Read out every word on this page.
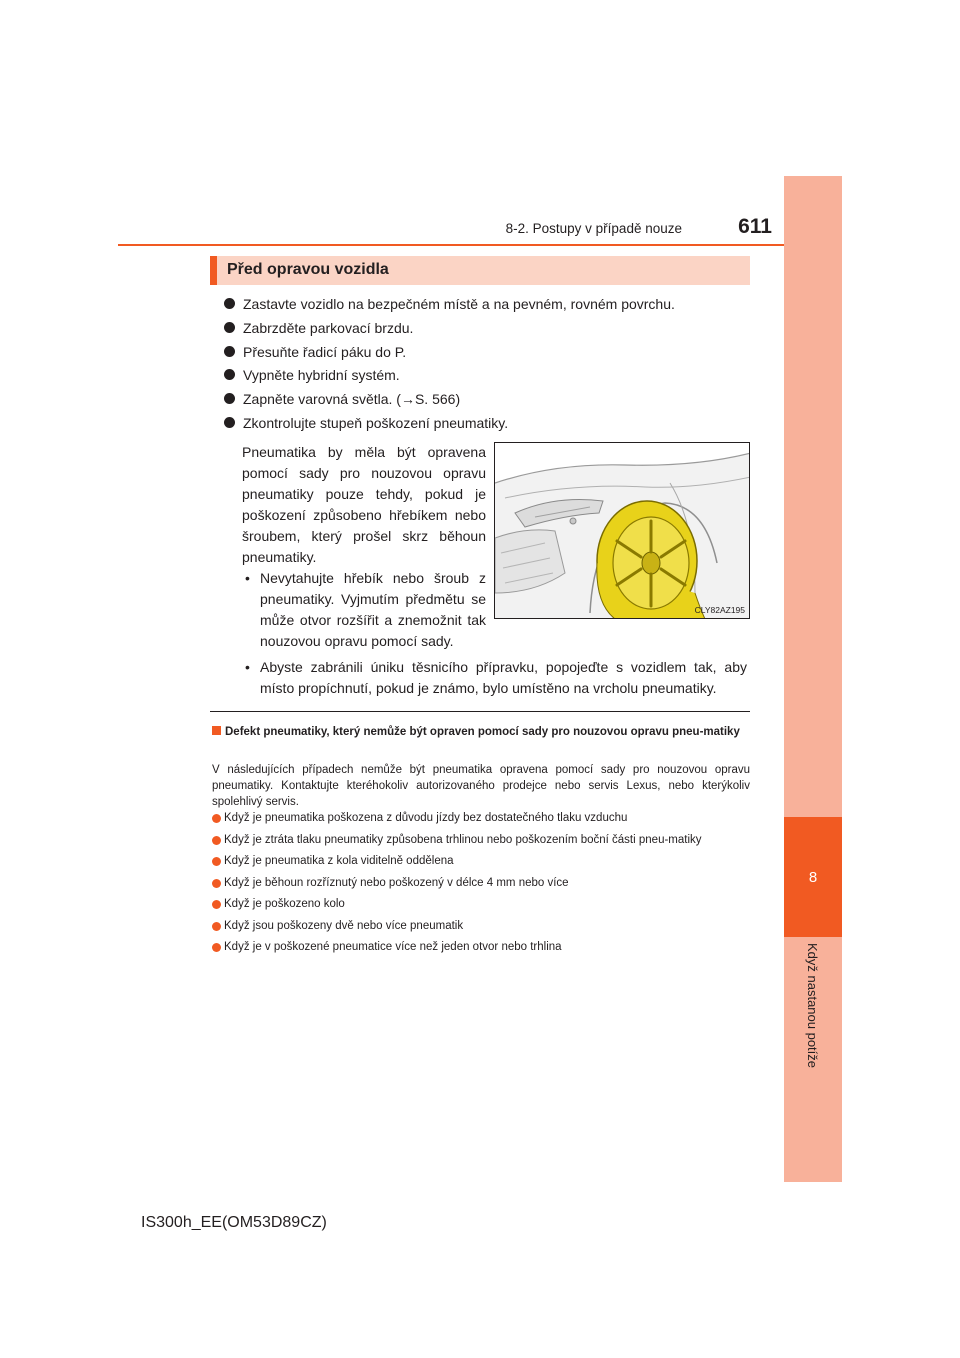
8
Když nastanou potíže
8-2. Postupy v případě nouze	611
Před opravou vozidla
Zastavte vozidlo na bezpečném místě a na pevném, rovném povrchu.
Zabrzděte parkovací brzdu.
Přesuňte řadicí páku do P.
Vypněte hybridní systém.
Zapněte varovná světla. (→S. 566)
Zkontrolujte stupeň poškození pneumatiky.
Pneumatika by měla být opravena pomocí sady pro nouzovou opravu pneumatiky pouze tehdy, pokud je poškození způsobeno hřebíkem nebo šroubem, který prošel skrz běhoun pneumatiky.
• Nevytahujte hřebík nebo šroub z pneumatiky. Vyjmutím předmětu se může otvor rozšířit a znemožnit tak nouzovou opravu pomocí sady.
• Abyste zabránili úniku těsnicího přípravku, popojeďte s vozidlem tak, aby místo propíchnutí, pokud je známo, bylo umístěno na vrcholu pneumatiky.
CLY82AZ195
Defekt pneumatiky, který nemůže být opraven pomocí sady pro nouzovou opravu pneu-matiky
V následujících případech nemůže být pneumatika opravena pomocí sady pro nouzovou opravu pneumatiky. Kontaktujte kteréhokoliv autorizovaného prodejce nebo servis Lexus, nebo kterýkoliv spolehlivý servis.
Když je pneumatika poškozena z důvodu jízdy bez dostatečného tlaku vzduchu
Když je ztráta tlaku pneumatiky způsobena trhlinou nebo poškozením boční části pneu-matiky
Když je pneumatika z kola viditelně oddělena
Když je běhoun rozříznutý nebo poškozený v délce 4 mm nebo více
Když je poškozeno kolo
Když jsou poškozeny dvě nebo více pneumatik
Když je v poškozené pneumatice více než jeden otvor nebo trhlina
IS300h_EE(OM53D89CZ)
